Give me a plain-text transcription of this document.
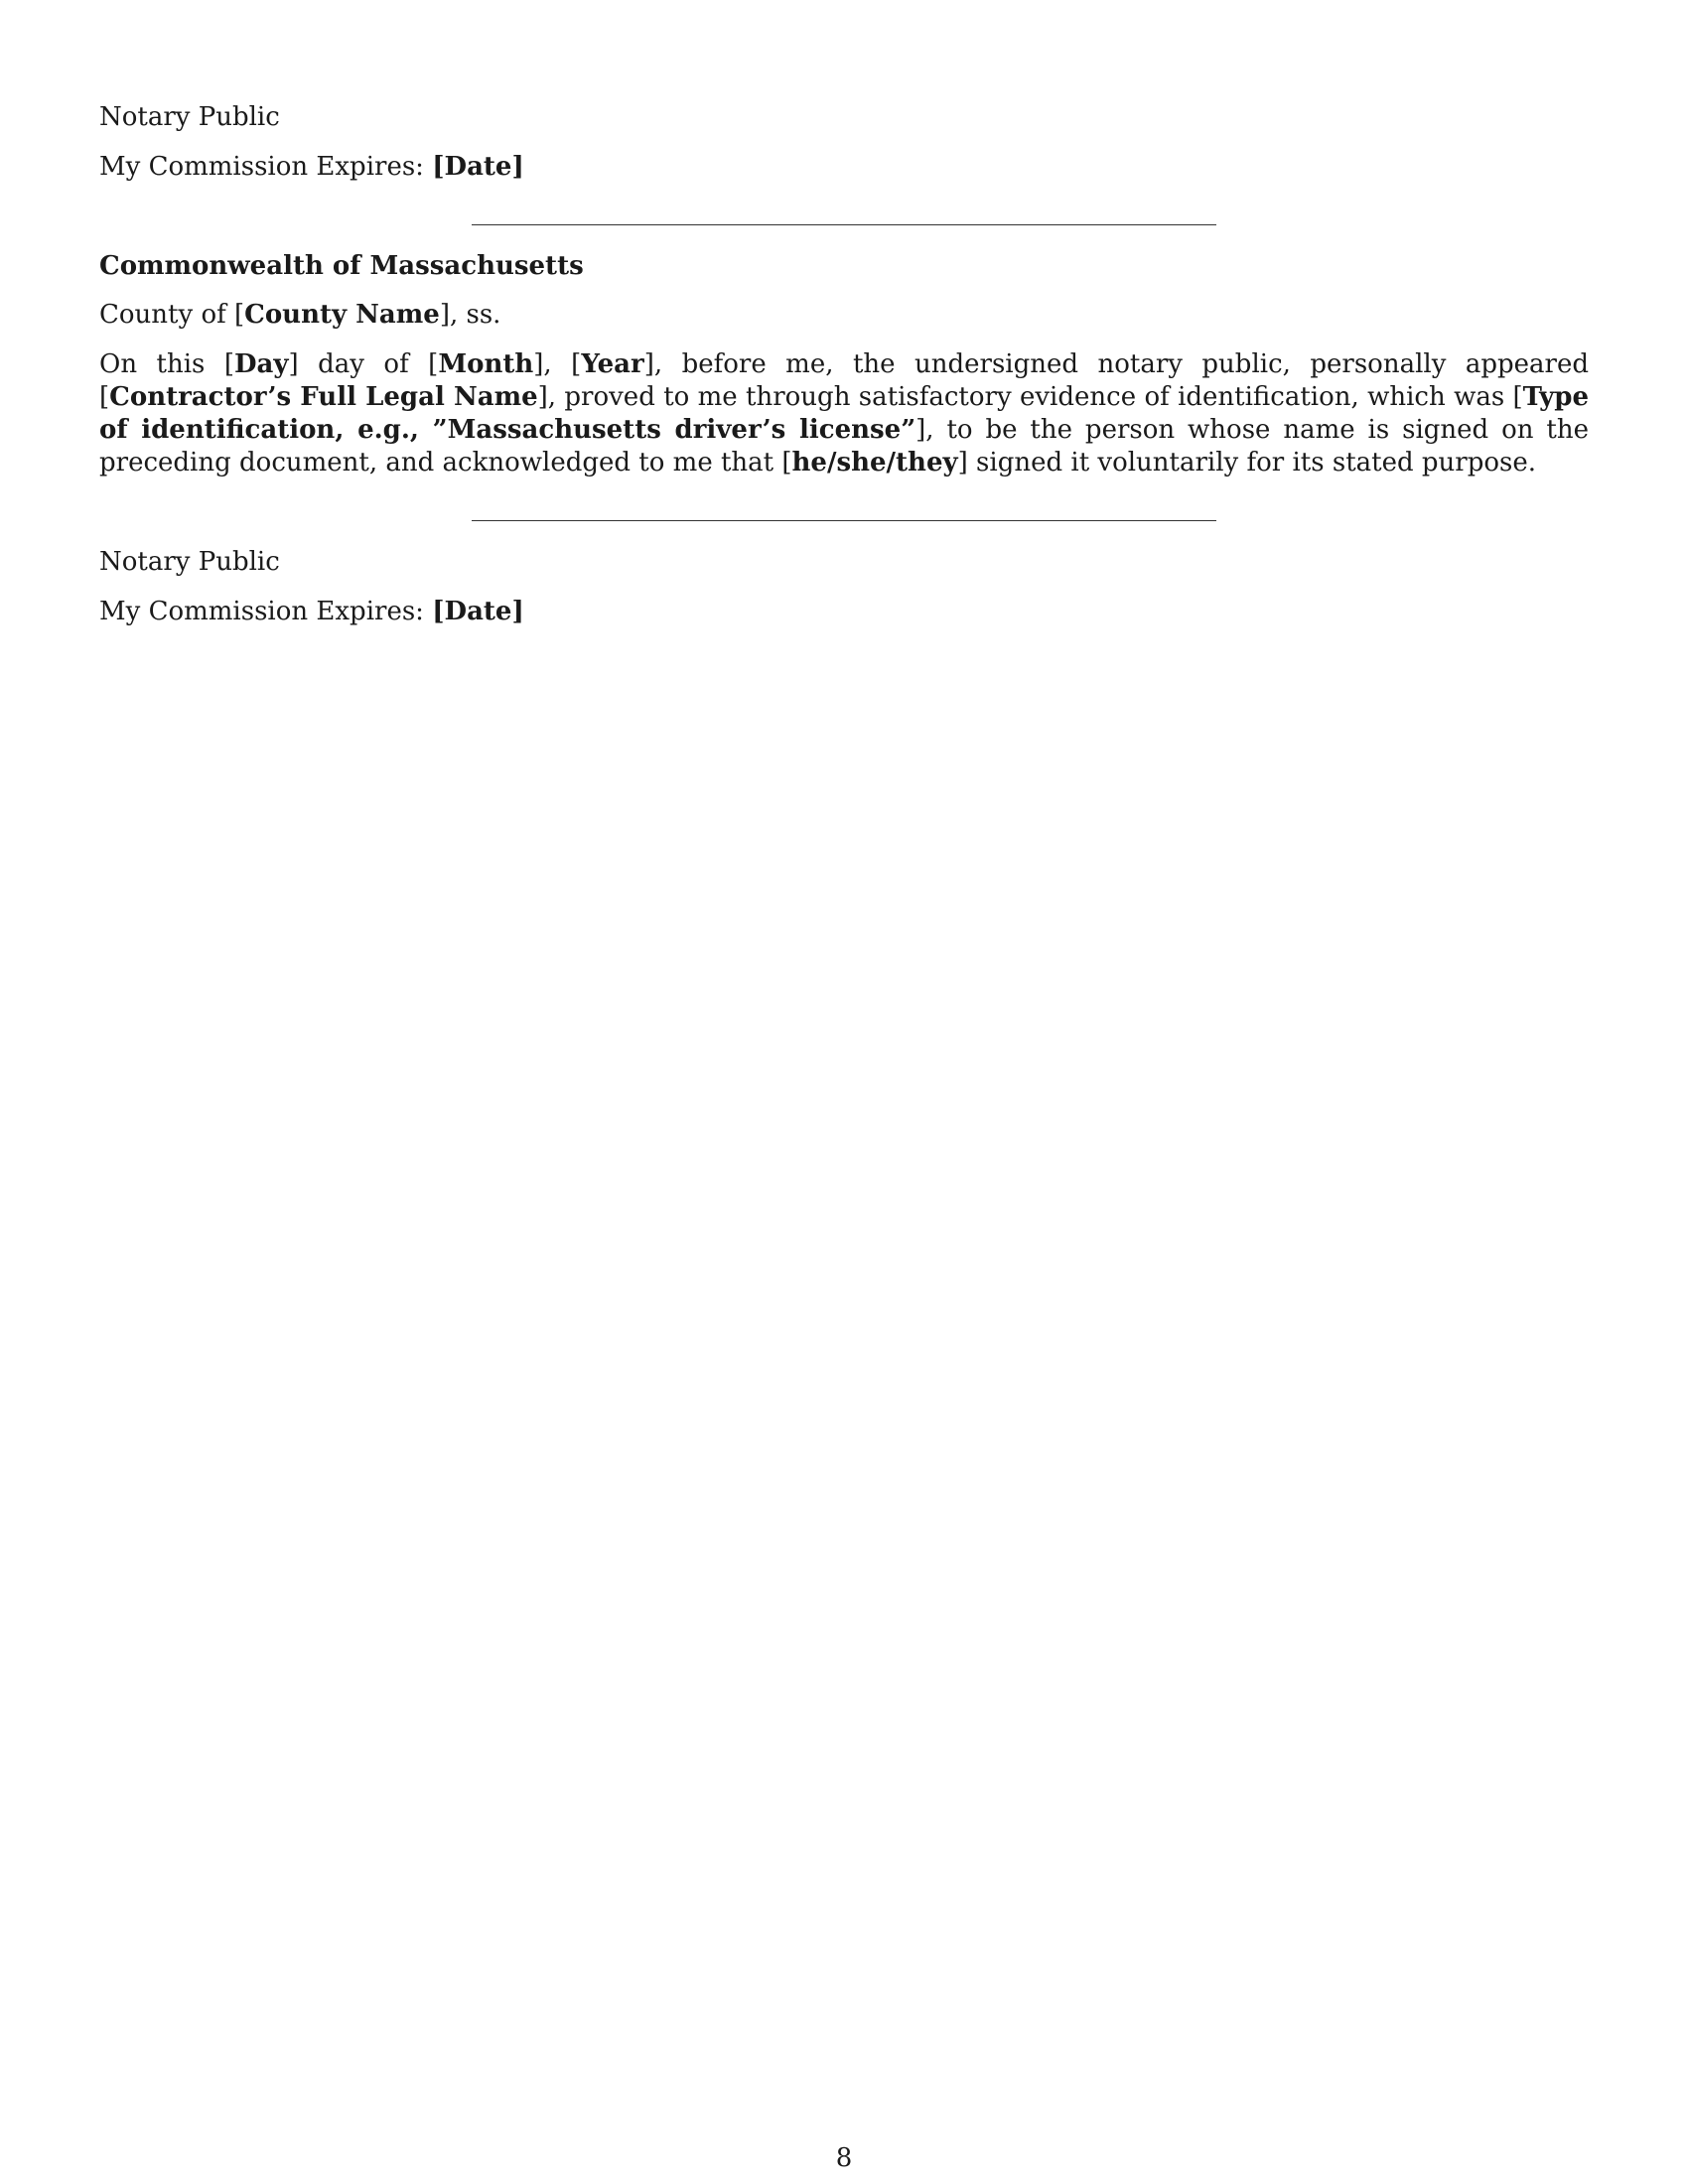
Notary Public
My Commission Expires: [Date]
Commonwealth of Massachusetts
County of [County Name], ss.
On this [Day] day of [Month], [Year], before me, the undersigned notary public, personally appeared [Contractor’s Full Legal Name], proved to me through satisfactory evidence of identification, which was [Type of identification, e.g., ”Massachusetts driver’s license”], to be the person whose name is signed on the preceding document, and acknowledged to me that [he/she/they] signed it voluntarily for its stated purpose.
Notary Public
My Commission Expires: [Date]
8
